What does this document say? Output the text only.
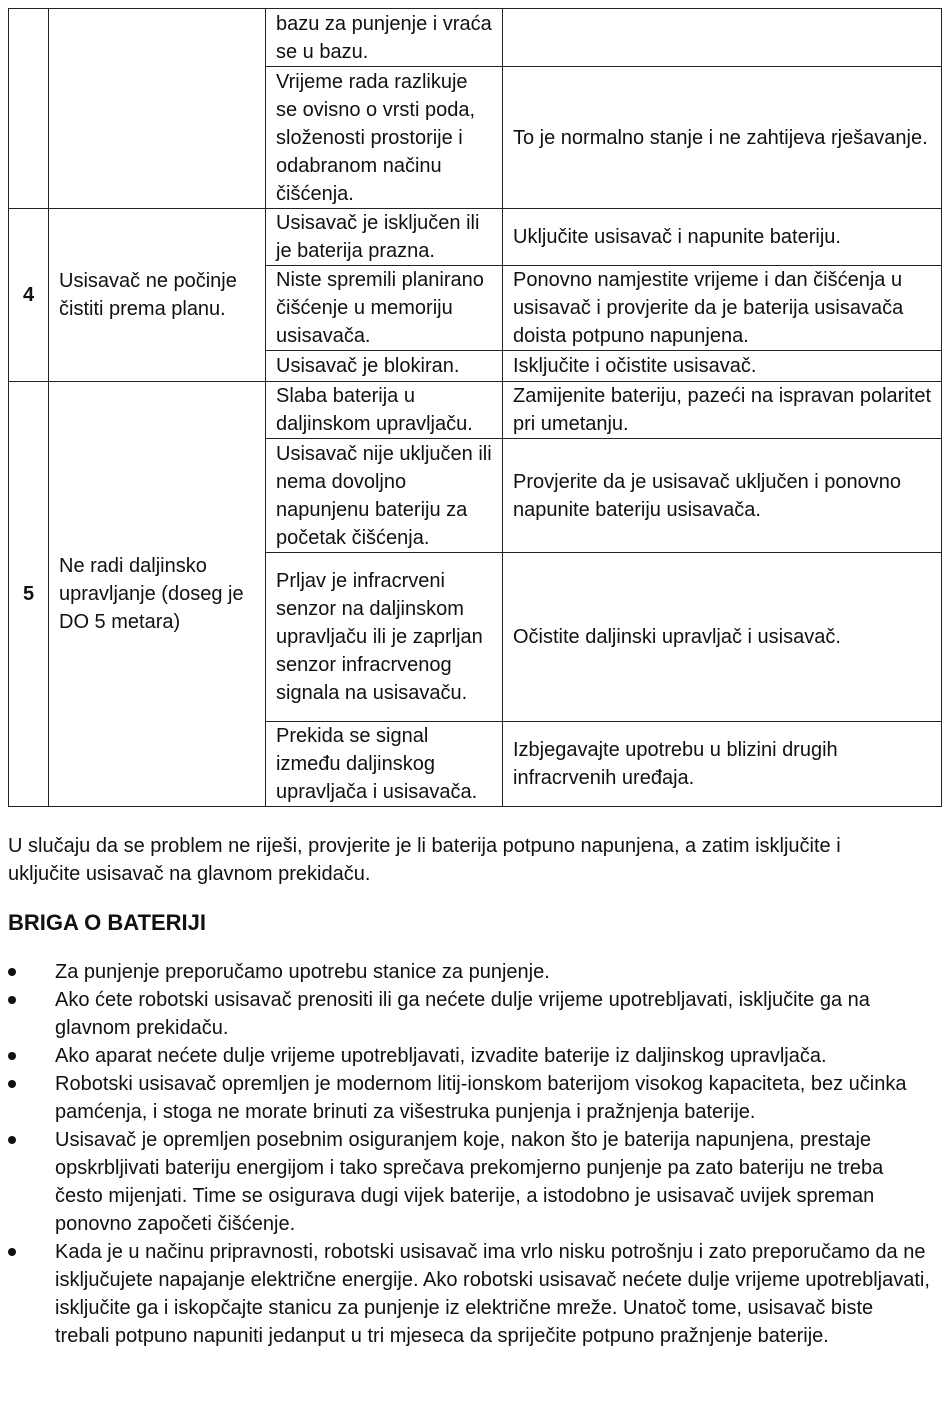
		bazu za punjenje i vraća se u bazu.	
		Vrijeme rada razlikuje se ovisno o vrsti poda, složenosti prostorije i odabranom načinu čišćenja.	To je normalno stanje i ne zahtijeva rješavanje.
4	Usisavač ne počinje čistiti prema planu.	Usisavač je isključen ili je baterija prazna.	Uključite usisavač i napunite bateriju.
		Niste spremili planirano čišćenje u memoriju usisavača.	Ponovno namjestite vrijeme i dan čišćenja u usisavač i provjerite da je baterija usisavača doista potpuno napunjena.
		Usisavač je blokiran.	Isključite i očistite usisavač.
5	Ne radi daljinsko upravljanje (doseg je DO 5 metara)	Slaba baterija u daljinskom upravljaču.	Zamijenite bateriju, pazeći na ispravan polaritet pri umetanju.
		Usisavač nije uključen ili nema dovoljno napunjenu bateriju za početak čišćenja.	Provjerite da je usisavač uključen i ponovno napunite bateriju usisavača.
		Prljav je infracrveni senzor na daljinskom upravljaču ili je zaprljan senzor infracrvenog signala na usisavaču.	Očistite daljinski upravljač i usisavač.
		Prekida se signal između daljinskog upravljača i usisavača.	Izbjegavajte upotrebu u blizini drugih infracrvenih uređaja.

U slučaju da se problem ne riješi, provjerite je li baterija potpuno napunjena, a zatim isključite i uključite usisavač na glavnom prekidaču.

BRIGA O BATERIJI
Za punjenje preporučamo upotrebu stanice za punjenje.
Ako ćete robotski usisavač prenositi ili ga nećete dulje vrijeme upotrebljavati, isključite ga na glavnom prekidaču.
Ako aparat nećete dulje vrijeme upotrebljavati, izvadite baterije iz daljinskog upravljača.
Robotski usisavač opremljen je modernom litij-ionskom baterijom visokog kapaciteta, bez učinka pamćenja, i stoga ne morate brinuti za višestruka punjenja i pražnjenja baterije.
Usisavač je opremljen posebnim osiguranjem koje, nakon što je baterija napunjena, prestaje opskrbljivati bateriju energijom i tako sprečava prekomjerno punjenje pa zato bateriju ne treba često mijenjati. Time se osigurava dugi vijek baterije, a istodobno je usisavač uvijek spreman ponovno započeti čišćenje.
Kada je u načinu pripravnosti, robotski usisavač ima vrlo nisku potrošnju i zato preporučamo da ne isključujete napajanje električne energije. Ako robotski usisavač nećete dulje vrijeme upotrebljavati, isključite ga i iskopčajte stanicu za punjenje iz električne mreže. Unatoč tome, usisavač biste trebali potpuno napuniti jedanput u tri mjeseca da spriječite potpuno pražnjenje baterije.
